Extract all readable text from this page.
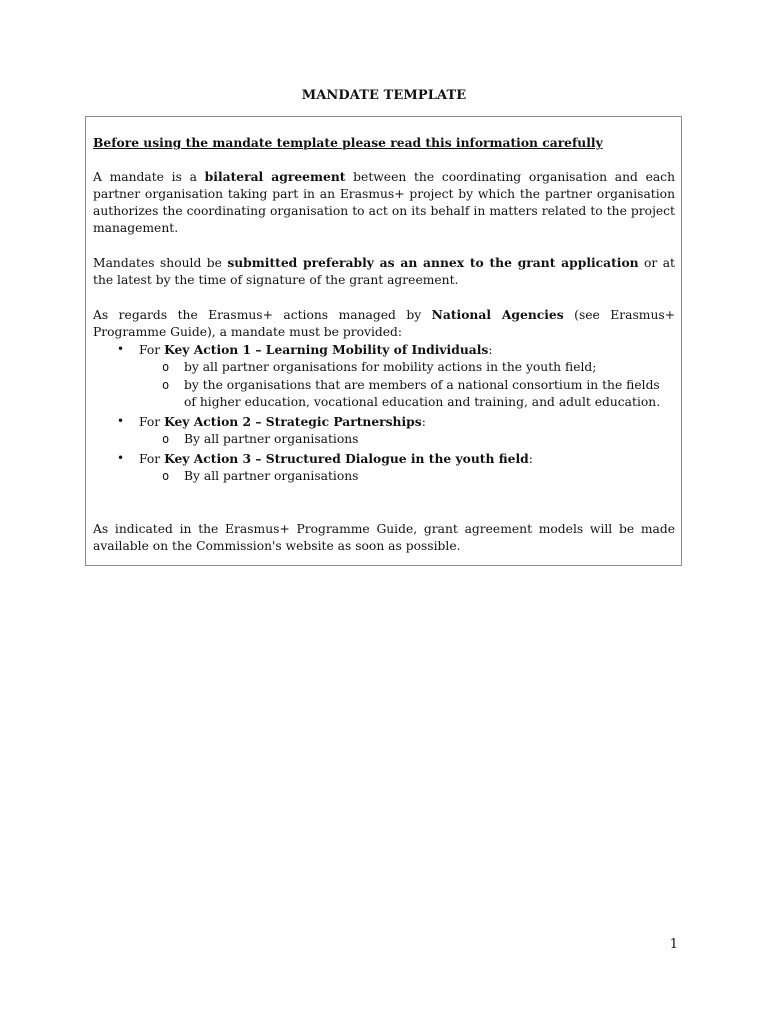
MANDATE TEMPLATE

Before using the mandate template please read this information carefully

A mandate is a bilateral agreement between the coordinating organisation and each partner organisation taking part in an Erasmus+ project by which the partner organisation authorizes the coordinating organisation to act on its behalf in matters related to the project management.

Mandates should be submitted preferably as an annex to the grant application or at the latest by the time of signature of the grant agreement.

As regards the Erasmus+ actions managed by National Agencies (see Erasmus+ Programme Guide), a mandate must be provided:

• For Key Action 1 – Learning Mobility of Individuals:
o by all partner organisations for mobility actions in the youth field;
o by the organisations that are members of a national consortium in the fields of higher education, vocational education and training, and adult education.
• For Key Action 2 – Strategic Partnerships:
o By all partner organisations
• For Key Action 3 – Structured Dialogue in the youth field:
o By all partner organisations

As indicated in the Erasmus+ Programme Guide, grant agreement models will be made available on the Commission's website as soon as possible.

1
